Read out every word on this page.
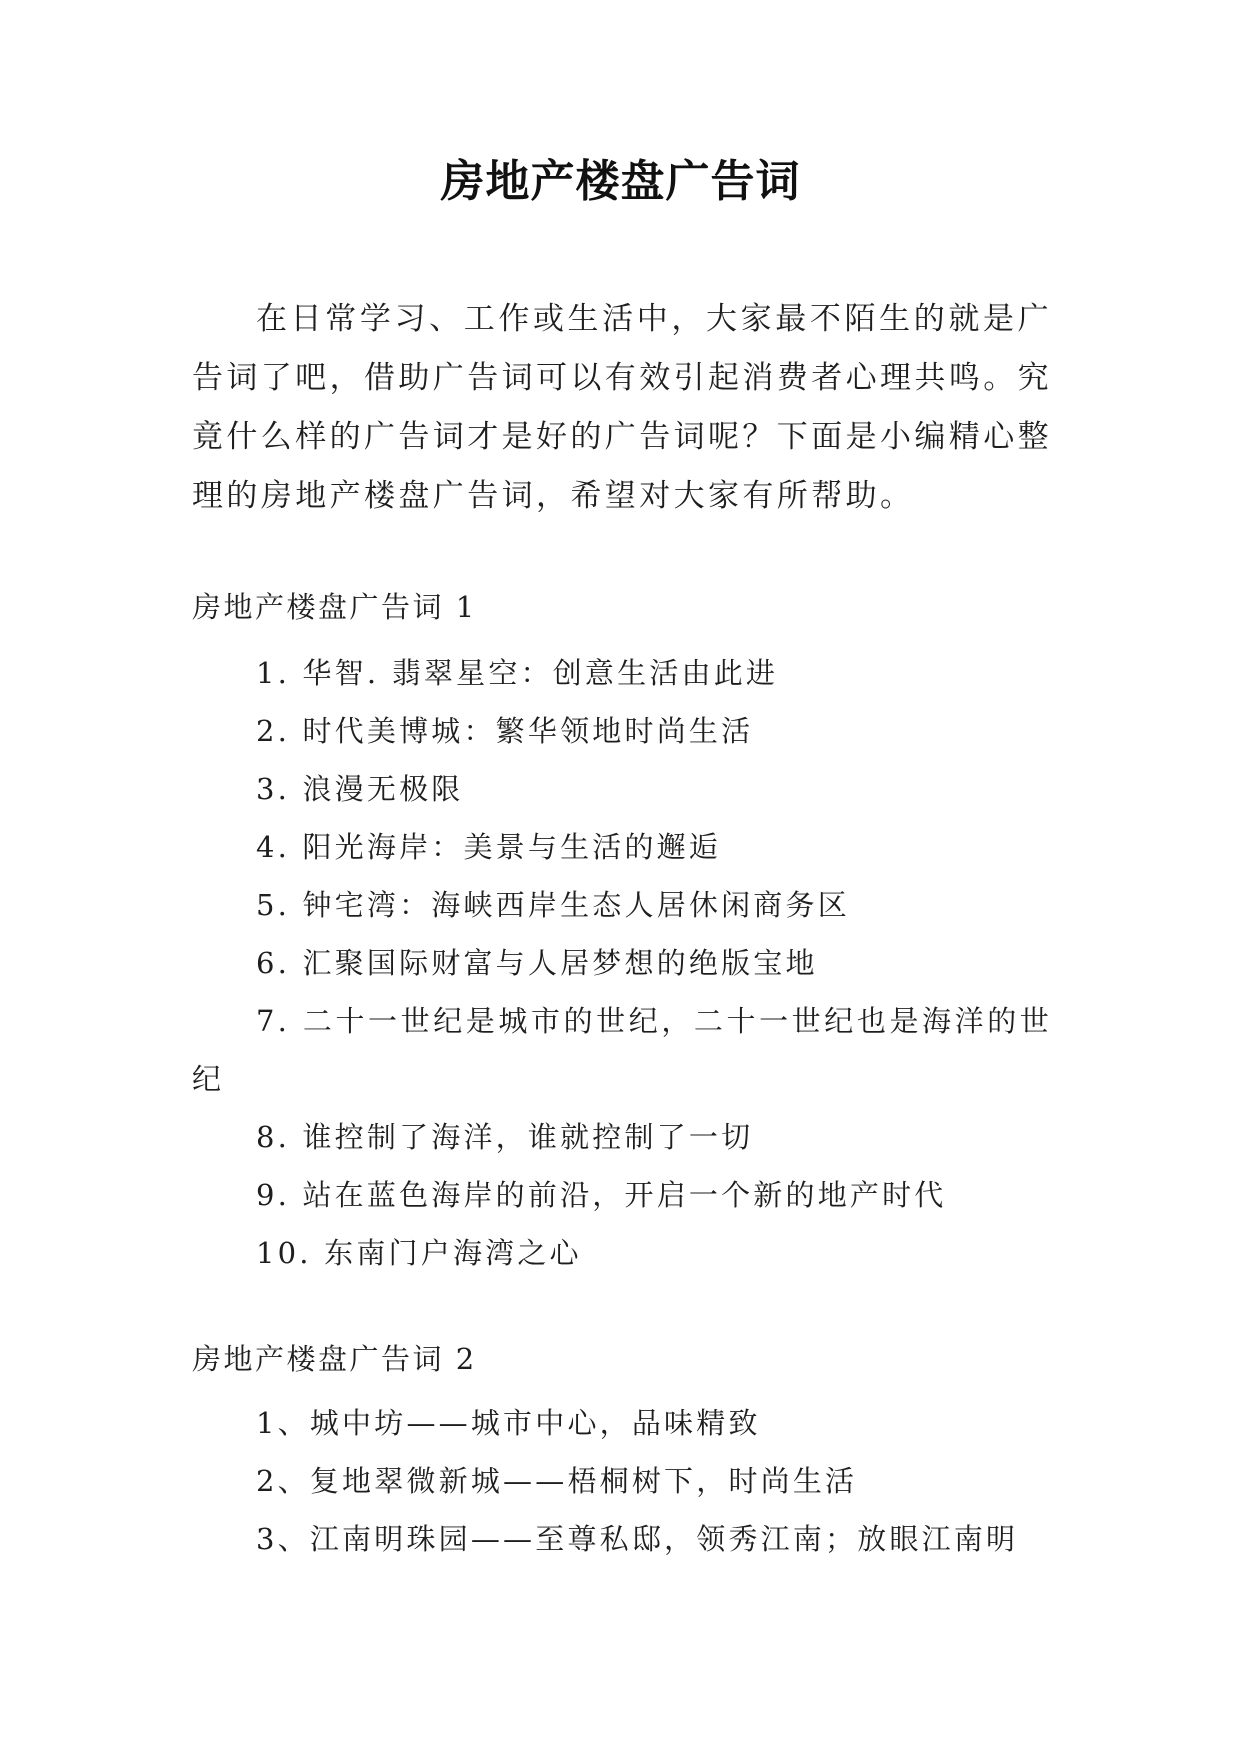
房地产楼盘广告词

在日常学习、工作或生活中，大家最不陌生的就是广告词了吧，借助广告词可以有效引起消费者心理共鸣。究竟什么样的广告词才是好的广告词呢？下面是小编精心整理的房地产楼盘广告词，希望对大家有所帮助。

房地产楼盘广告词 1
1. 华智. 翡翠星空：创意生活由此进
2. 时代美博城：繁华领地时尚生活
3. 浪漫无极限
4. 阳光海岸：美景与生活的邂逅
5. 钟宅湾：海峡西岸生态人居休闲商务区
6. 汇聚国际财富与人居梦想的绝版宝地
7. 二十一世纪是城市的世纪，二十一世纪也是海洋的世纪
8. 谁控制了海洋，谁就控制了一切
9. 站在蓝色海岸的前沿，开启一个新的地产时代
10. 东南门户海湾之心
房地产楼盘广告词 2
1、城中坊——城市中心，品味精致
2、复地翠微新城——梧桐树下，时尚生活
3、江南明珠园——至尊私邸，领秀江南；放眼江南明
